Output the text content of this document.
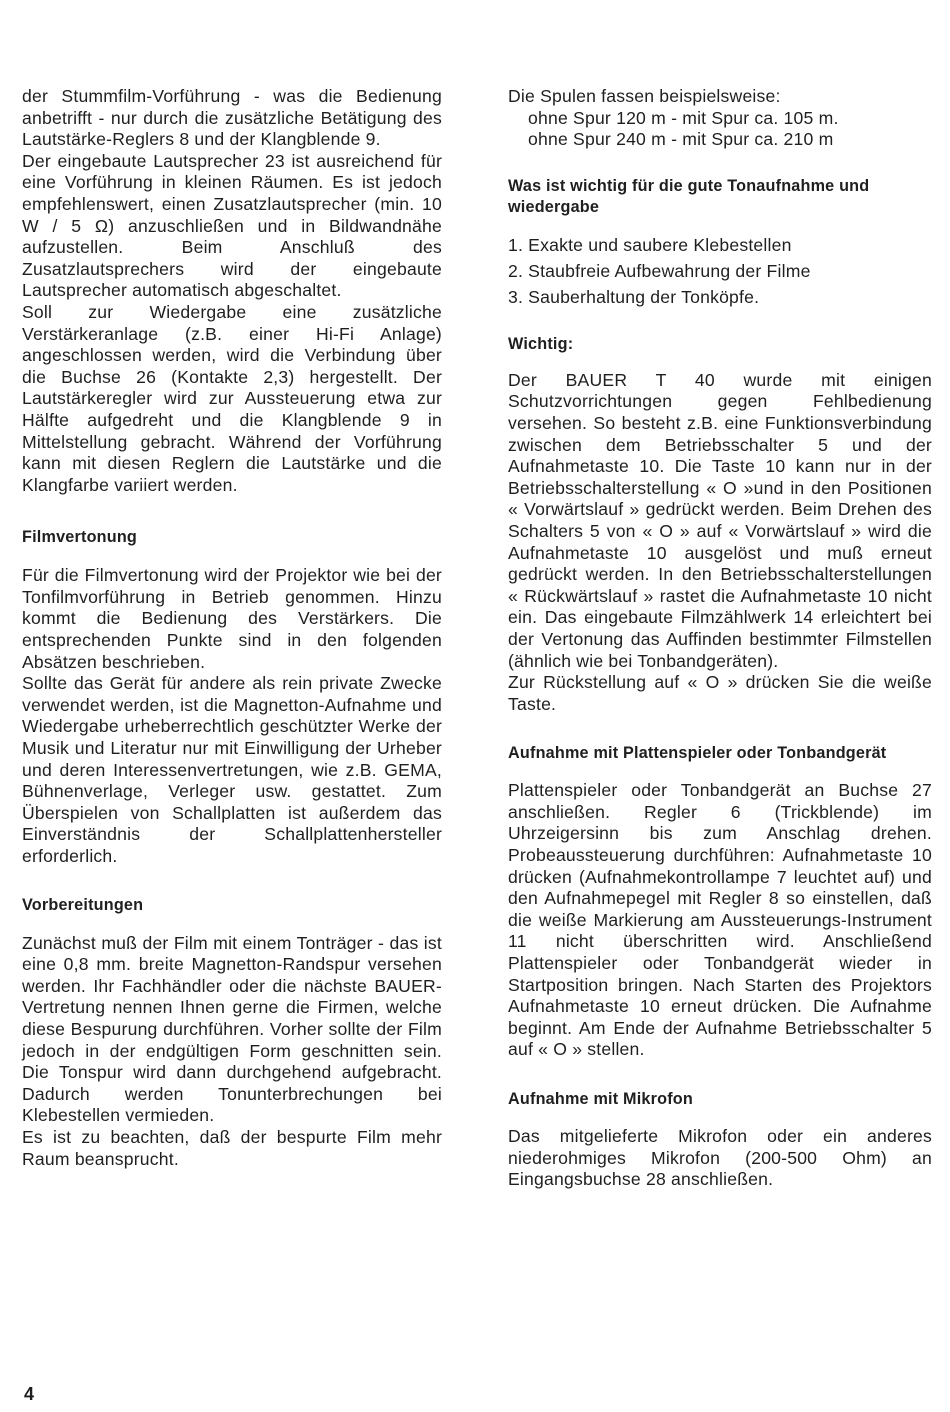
der Stummfilm-Vorführung - was die Bedienung anbetrifft - nur durch die zusätzliche Betätigung des Lautstärke-Reglers 8 und der Klangblende 9.

Der eingebaute Lautsprecher 23 ist ausreichend für eine Vorführung in kleinen Räumen. Es ist jedoch empfehlenswert, einen Zusatzlautsprecher (min. 10 W / 5 Ω) anzuschließen und in Bildwandnähe aufzustellen. Beim Anschluß des Zusatzlautsprechers wird der eingebaute Lautsprecher automatisch abgeschaltet.

Soll zur Wiedergabe eine zusätzliche Verstärkeranlage (z.B. einer Hi-Fi Anlage) angeschlossen werden, wird die Verbindung über die Buchse 26 (Kontakte 2,3) hergestellt. Der Lautstärkeregler wird zur Aussteuerung etwa zur Hälfte aufgedreht und die Klangblende 9 in Mittelstellung gebracht. Während der Vorführung kann mit diesen Reglern die Lautstärke und die Klangfarbe variiert werden.

Filmvertonung

Für die Filmvertonung wird der Projektor wie bei der Tonfilmvorführung in Betrieb genommen. Hinzu kommt die Bedienung des Verstärkers. Die entsprechenden Punkte sind in den folgenden Absätzen beschrieben.

Sollte das Gerät für andere als rein private Zwecke verwendet werden, ist die Magnetton-Aufnahme und Wiedergabe urheberrechtlich geschützter Werke der Musik und Literatur nur mit Einwilligung der Urheber und deren Interessenvertretungen, wie z.B. GEMA, Bühnenverlage, Verleger usw. gestattet. Zum Überspielen von Schallplatten ist außerdem das Einverständnis der Schallplattenhersteller erforderlich.

Vorbereitungen

Zunächst muß der Film mit einem Tonträger - das ist eine 0,8 mm. breite Magnetton-Randspur versehen werden. Ihr Fachhändler oder die nächste BAUER-Vertretung nennen Ihnen gerne die Firmen, welche diese Bespurung durchführen. Vorher sollte der Film jedoch in der endgültigen Form geschnitten sein. Die Tonspur wird dann durchgehend aufgebracht. Dadurch werden Tonunterbrechungen bei Klebestellen vermieden.

Es ist zu beachten, daß der bespurte Film mehr Raum beansprucht.

Die Spulen fassen beispielsweise:

ohne Spur 120 m - mit Spur ca. 105 m.

ohne Spur 240 m - mit Spur ca. 210 m

Was ist wichtig für die gute Tonaufnahme und wiedergabe
1. Exakte und saubere Klebestellen
2. Staubfreie Aufbewahrung der Filme
3. Sauberhaltung der Tonköpfe.
Wichtig:

Der BAUER T 40 wurde mit einigen Schutzvorrichtungen gegen Fehlbedienung versehen. So besteht z.B. eine Funktionsverbindung zwischen dem Betriebsschalter 5 und der Aufnahmetaste 10. Die Taste 10 kann nur in der Betriebsschalterstellung « O »und in den Positionen « Vorwärtslauf » gedrückt werden. Beim Drehen des Schalters 5 von « O » auf « Vorwärtslauf » wird die Aufnahmetaste 10 ausgelöst und muß erneut gedrückt werden. In den Betriebsschalterstellungen « Rückwärtslauf » rastet die Aufnahmetaste 10 nicht ein. Das eingebaute Filmzählwerk 14 erleichtert bei der Vertonung das Auffinden bestimmter Filmstellen (ähnlich wie bei Tonbandgeräten).

Zur Rückstellung auf « O » drücken Sie die weiße Taste.

Aufnahme mit Plattenspieler oder Tonbandgerät

Plattenspieler oder Tonbandgerät an Buchse 27 anschließen. Regler 6 (Trickblende) im Uhrzeigersinn bis zum Anschlag drehen. Probeaussteuerung durchführen: Aufnahmetaste 10 drücken (Aufnahmekontrollampe 7 leuchtet auf) und den Aufnahmepegel mit Regler 8 so einstellen, daß die weiße Markierung am Aussteuerungs-Instrument 11 nicht überschritten wird. Anschließend Plattenspieler oder Tonbandgerät wieder in Startposition bringen. Nach Starten des Projektors Aufnahmetaste 10 erneut drücken. Die Aufnahme beginnt. Am Ende der Aufnahme Betriebsschalter 5 auf « O » stellen.

Aufnahme mit Mikrofon

Das mitgelieferte Mikrofon oder ein anderes niederohmiges Mikrofon (200-500 Ohm) an Eingangsbuchse 28 anschließen.

4
